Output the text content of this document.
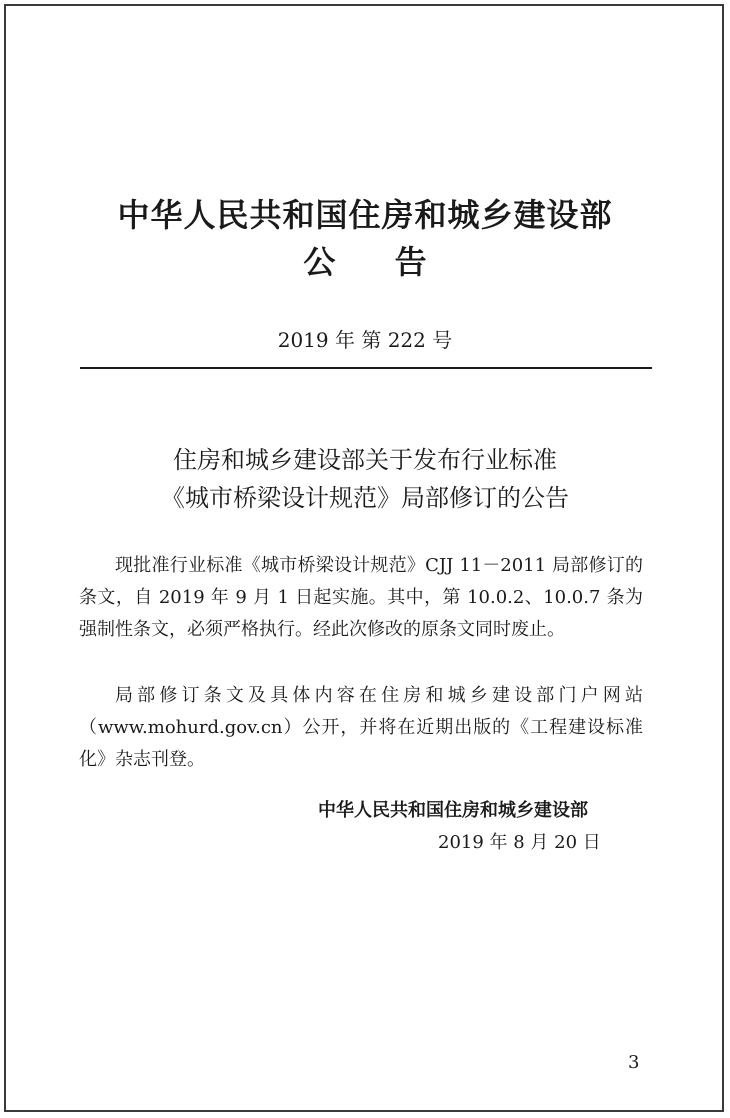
中华人民共和国住房和城乡建设部
公 告
2019 年 第 222 号
住房和城乡建设部关于发布行业标准
《城市桥梁设计规范》局部修订的公告
现批准行业标准《城市桥梁设计规范》CJJ 11－2011 局部修订的条文，自 2019 年 9 月 1 日起实施。其中，第 10.0.2、10.0.7 条为强制性条文，必须严格执行。经此次修改的原条文同时废止。
局部修订条文及具体内容在住房和城乡建设部门户网站（www.mohurd.gov.cn）公开，并将在近期出版的《工程建设标准化》杂志刊登。
中华人民共和国住房和城乡建设部
2019 年 8 月 20 日
3
